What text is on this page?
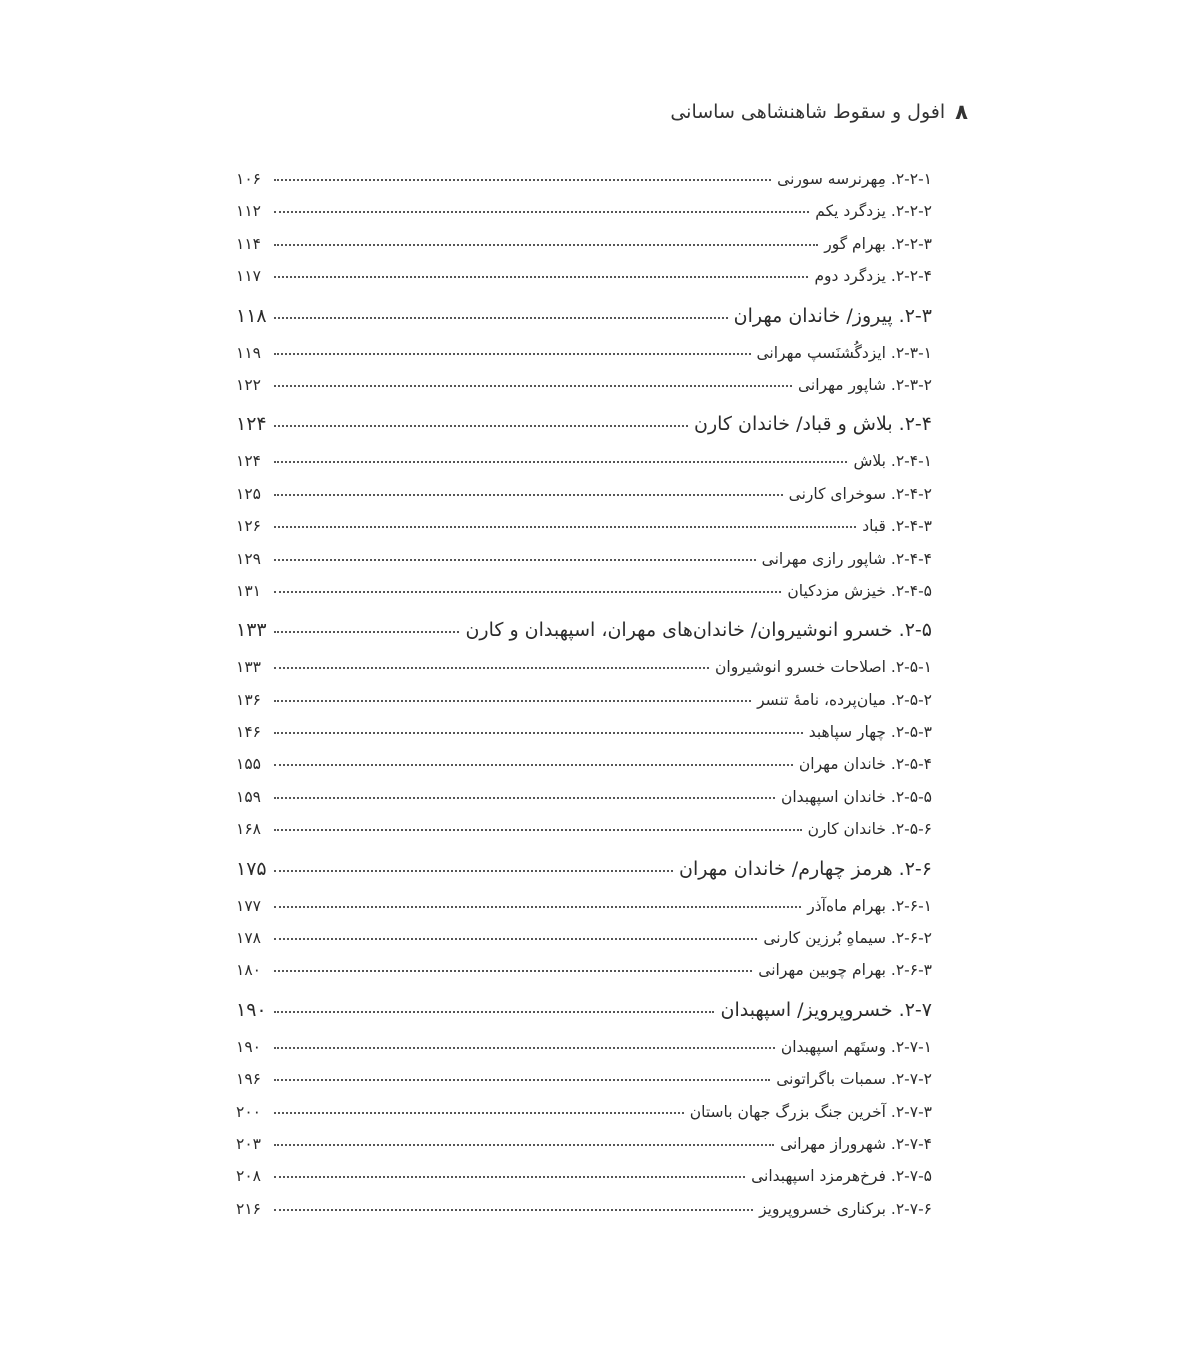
۸
افول و سقوط شاهنشاهی ساسانی
۲-۲-۱. مِهرنرسه سورنی
۱۰۶
۲-۲-۲. یزدگرد یکم
۱۱۲
۲-۲-۳. بهرام گور
۱۱۴
۲-۲-۴. یزدگرد دوم
۱۱۷
۲-۳. پیروز/ خاندان مهران
۱۱۸
۲-۳-۱. ایزدگُشنَسپ مهرانی
۱۱۹
۲-۳-۲. شاپور مهرانی
۱۲۲
۲-۴. بلاش و قباد/ خاندان کارن
۱۲۴
۲-۴-۱. بلاش
۱۲۴
۲-۴-۲. سوخرای کارنی
۱۲۵
۲-۴-۳. قباد
۱۲۶
۲-۴-۴. شاپور رازی مهرانی
۱۲۹
۲-۴-۵. خیزش مزدکیان
۱۳۱
۲-۵. خسرو انوشیروان/ خاندان‌های مهران، اسپهبدان و کارن
۱۳۳
۲-۵-۱. اصلاحات خسرو انوشیروان
۱۳۳
۲-۵-۲. میان‌پرده، نامۀ تنسر
۱۳۶
۲-۵-۳. چهار سپاهبد
۱۴۶
۲-۵-۴. خاندان مهران
۱۵۵
۲-۵-۵. خاندان اسپهبدان
۱۵۹
۲-۵-۶. خاندان کارن
۱۶۸
۲-۶. هرمز چهارم/ خاندان مهران
۱۷۵
۲-۶-۱. بهرام ماه‌آذر
۱۷۷
۲-۶-۲. سیماهِ بُرزین کارنی
۱۷۸
۲-۶-۳. بهرام چوبین مهرانی
۱۸۰
۲-۷. خسروپرویز/ اسپهبدان
۱۹۰
۲-۷-۱. وستَهم اسپهبدان
۱۹۰
۲-۷-۲. سمبات باگراتونی
۱۹۶
۲-۷-۳. آخرین جنگ بزرگ جهان باستان
۲۰۰
۲-۷-۴. شهروراز مهرانی
۲۰۳
۲-۷-۵. فرخ‌هرمزد اسپهبدانی
۲۰۸
۲-۷-۶. برکناری خسروپرویز
۲۱۶
